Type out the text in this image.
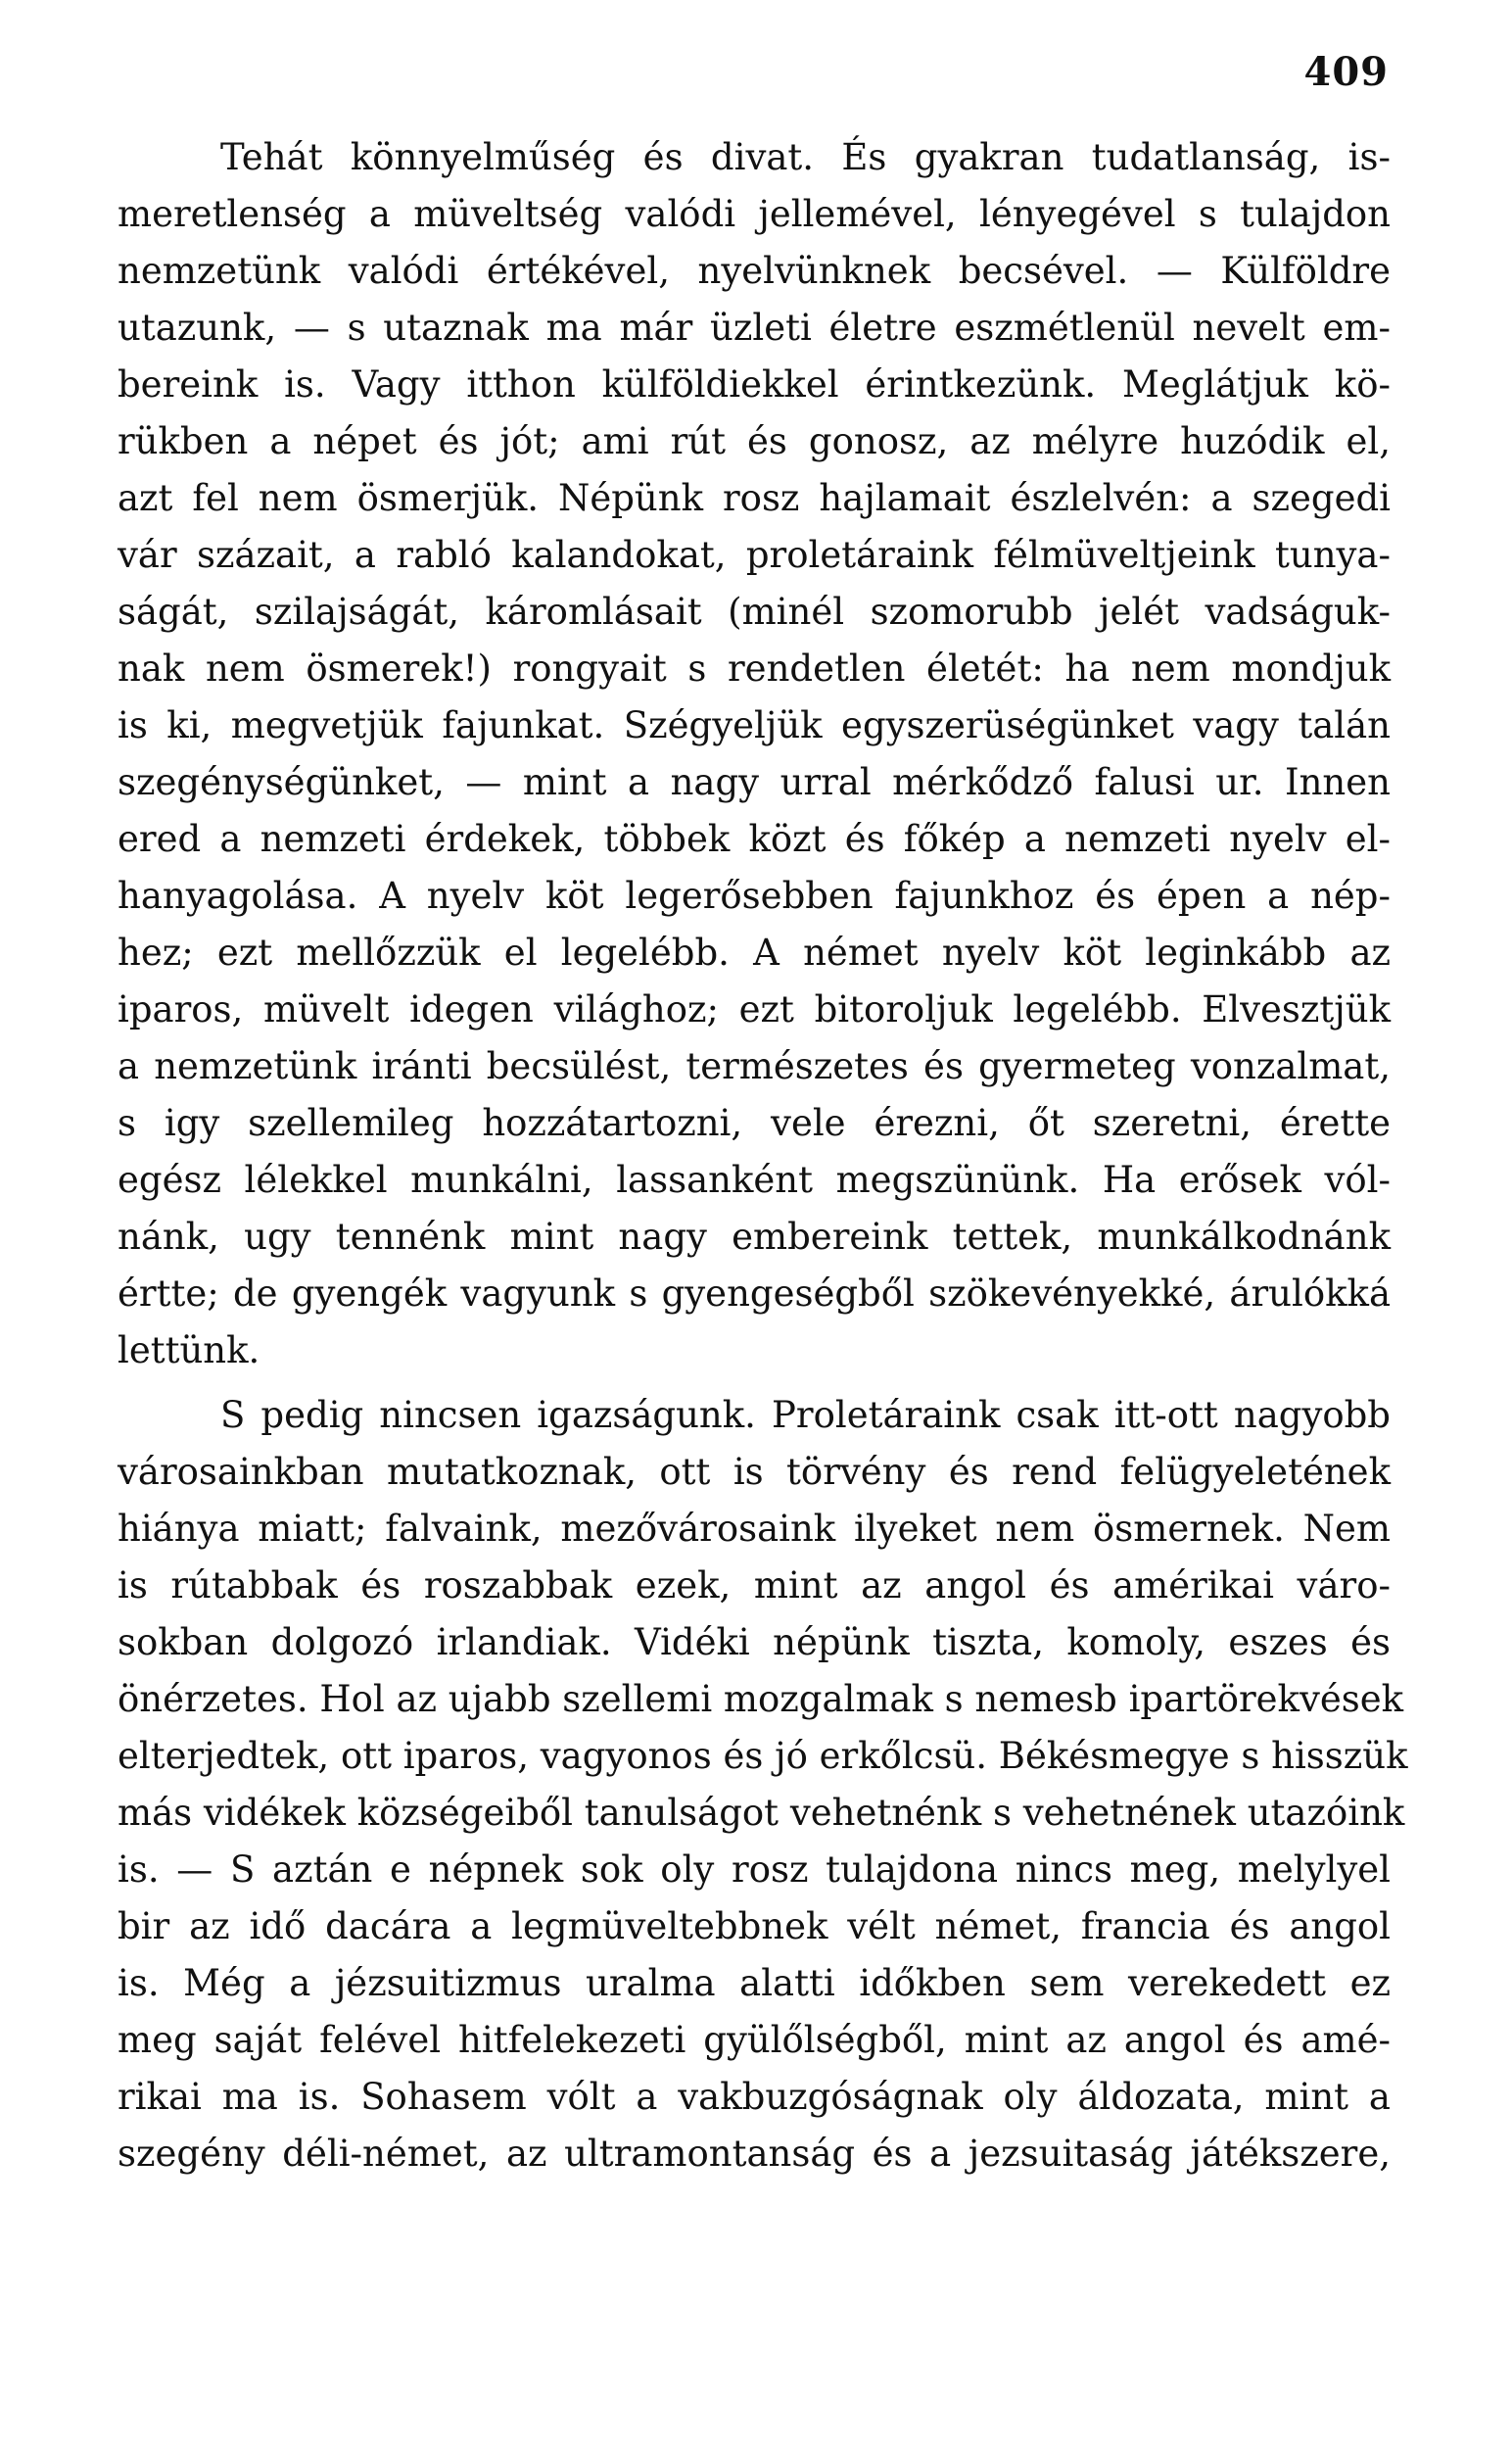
409
Tehát könnyelműség és divat. És gyakran tudatlanság, is-
meretlenség a müveltség valódi jellemével, lényegével s tulajdon
nemzetünk valódi értékével, nyelvünknek becsével. — Külföldre
utazunk, — s utaznak ma már üzleti életre eszmétlenül nevelt em-
bereink is. Vagy itthon külföldiekkel érintkezünk. Meglátjuk kö-
rükben a népet és jót; ami rút és gonosz, az mélyre huzódik el,
azt fel nem ösmerjük. Népünk rosz hajlamait észlelvén: a szegedi
vár százait, a rabló kalandokat, proletáraink félmüveltjeink tunya-
ságát, szilajságát, káromlásait (minél szomorubb jelét vadságuk-
nak nem ösmerek!) rongyait s rendetlen életét: ha nem mondjuk
is ki, megvetjük fajunkat. Szégyeljük egyszerüségünket vagy talán
szegénységünket, — mint a nagy urral mérkődző falusi ur. Innen
ered a nemzeti érdekek, többek közt és főkép a nemzeti nyelv el-
hanyagolása. A nyelv köt legerősebben fajunkhoz és épen a nép-
hez; ezt mellőzzük el legelébb. A német nyelv köt leginkább az
iparos, müvelt idegen világhoz; ezt bitoroljuk legelébb. Elvesztjük
a nemzetünk iránti becsülést, természetes és gyermeteg vonzalmat,
s igy szellemileg hozzátartozni, vele érezni, őt szeretni, érette
egész lélekkel munkálni, lassanként megszününk. Ha erősek vól-
nánk, ugy tennénk mint nagy embereink tettek, munkálkodnánk
értte; de gyengék vagyunk s gyengeségből szökevényekké, árulókká
lettünk.
S pedig nincsen igazságunk. Proletáraink csak itt-ott nagyobb
városainkban mutatkoznak, ott is törvény és rend felügyeletének
hiánya miatt; falvaink, mezővárosaink ilyeket nem ösmernek. Nem
is rútabbak és roszabbak ezek, mint az angol és amérikai váro-
sokban dolgozó irlandiak. Vidéki népünk tiszta, komoly, eszes és
önérzetes. Hol az ujabb szellemi mozgalmak s nemesb ipartörekvések
elterjedtek, ott iparos, vagyonos és jó erkőlcsü. Békésmegye s hisszük
más vidékek községeiből tanulságot vehetnénk s vehetnének utazóink
is. — S aztán e népnek sok oly rosz tulajdona nincs meg, melylyel
bir az idő dacára a legmüveltebbnek vélt német, francia és angol
is. Még a jézsuitizmus uralma alatti időkben sem verekedett ez
meg saját felével hitfelekezeti gyülőlségből, mint az angol és amé-
rikai ma is. Sohasem vólt a vakbuzgóságnak oly áldozata, mint a
szegény déli-német, az ultramontanság és a jezsuitaság játékszere,
